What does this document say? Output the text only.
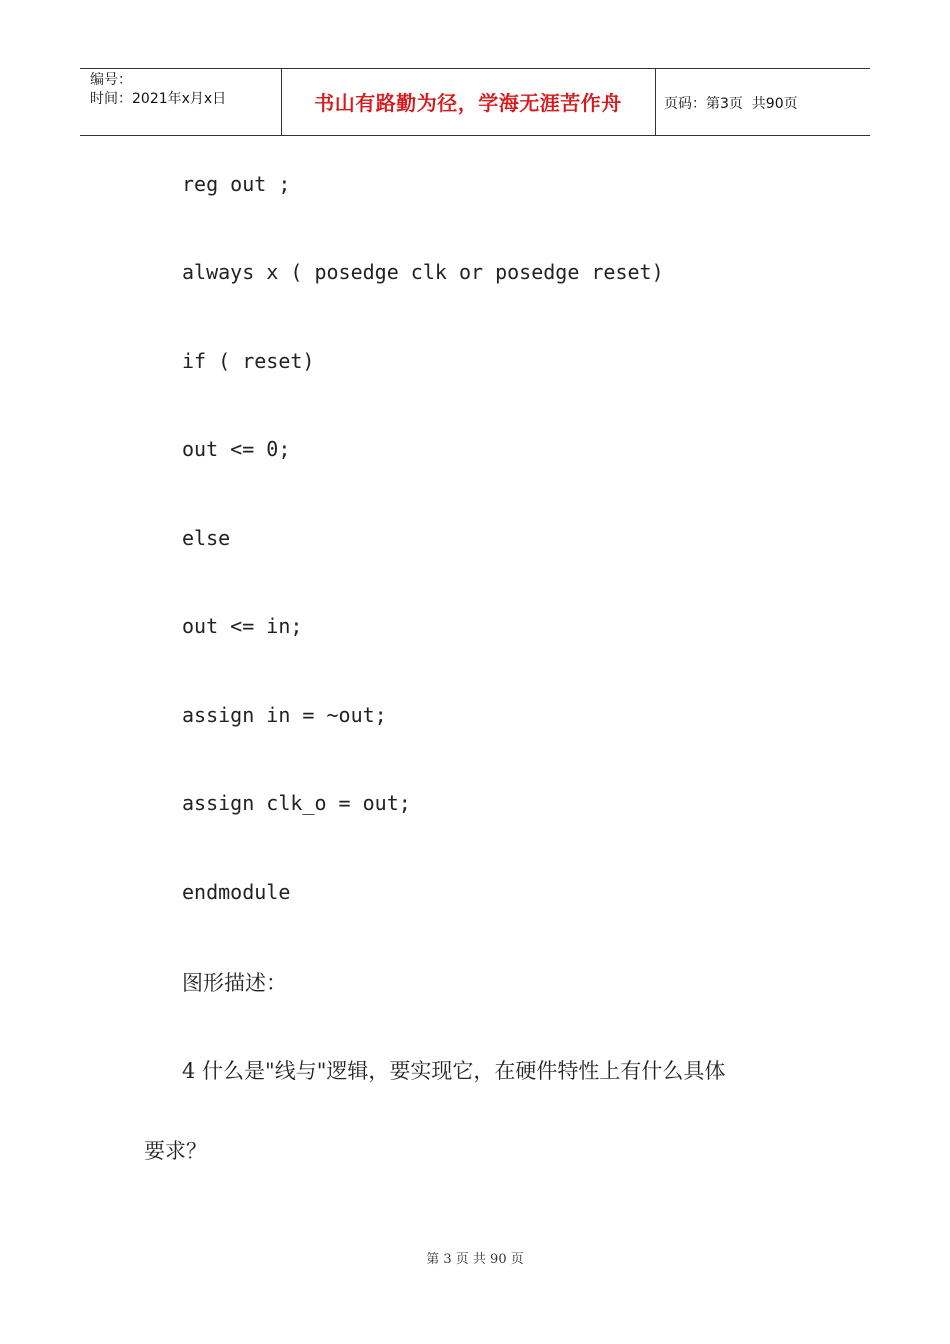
编号：
时间：2021年x月x日	书山有路勤为径，学海无涯苦作舟	页码：第3页  共90页
reg out ;
always x ( posedge clk or posedge reset)
if ( reset)
out <= 0;
else
out <= in;
assign in = ~out;
assign clk_o = out;
endmodule
图形描述：
4 什么是"线与"逻辑，要实现它，在硬件特性上有什么具体
要求？
第 3 页 共 90 页
